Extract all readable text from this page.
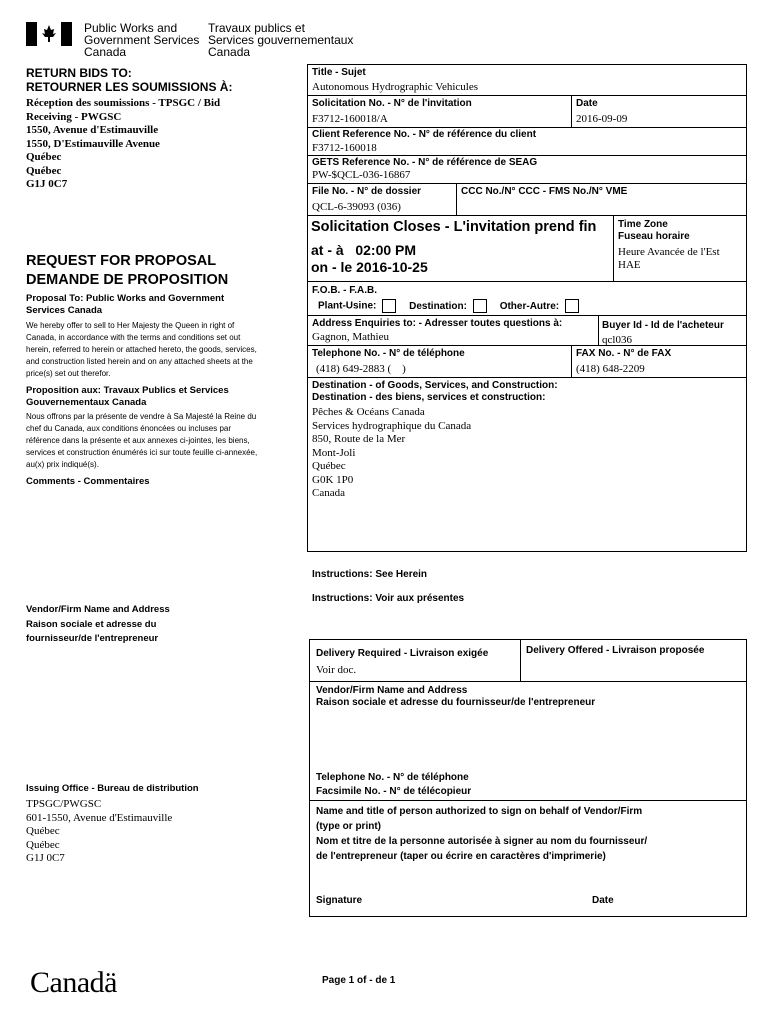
Public Works and
Government Services
Canada
Travaux publics et
Services gouvernementaux
Canada
RETURN BIDS TO:
RETOURNER LES SOUMISSIONS À:
Réception des soumissions - TPSGC / Bid
Receiving - PWGSC
1550, Avenue d'Estimauville
1550, D'Estimauville Avenue
Québec
Québec
G1J 0C7
REQUEST FOR PROPOSAL
DEMANDE DE PROPOSITION
Proposal To: Public Works and Government Services Canada
We hereby offer to sell to Her Majesty the Queen in right of Canada, in accordance with the terms and conditions set out herein, referred to herein or attached hereto, the goods, services, and construction listed herein and on any attached sheets at the price(s) set out therefor.
Proposition aux: Travaux Publics et Services Gouvernementaux Canada
Nous offrons par la présente de vendre à Sa Majesté la Reine du chef du Canada, aux conditions énoncées ou incluses par référence dans la présente et aux annexes ci-jointes, les biens, services et construction énumérés ici sur toute feuille ci-annexée, au(x) prix indiqué(s).
Comments - Commentaires
Vendor/Firm Name and Address
Raison sociale et adresse du
fournisseur/de l'entrepreneur
Issuing Office - Bureau de distribution
TPSGC/PWGSC
601-1550, Avenue d'Estimauville
Québec
Québec
G1J 0C7
Canadä	Page 1 of - de 1
Title - Sujet
Autonomous Hydrographic Vehicules
Solicitation No. - N° de l'invitation
F3712-160018/A
Date
2016-09-09
Client Reference No. - N° de référence du client
F3712-160018
GETS Reference No. - N° de référence de SEAG
PW-$QCL-036-16867
File No. - N° de dossier
QCL-6-39093 (036)
CCC No./N° CCC - FMS No./N° VME
Solicitation Closes - L'invitation prend fin
at - à 02:00 PM
on - le 2016-10-25
Time Zone
Fuseau horaire
Heure Avancée de l'Est
HAE
F.O.B. - F.A.B.
Plant-Usine:	Destination:	Other-Autre:
Address Enquiries to: - Adresser toutes questions à:
Gagnon, Mathieu
Buyer Id - Id de l'acheteur
qcl036
Telephone No. - N° de téléphone
(418) 649-2883 (    )
FAX No. - N° de FAX
(418) 648-2209
Destination - of Goods, Services, and Construction:
Destination - des biens, services et construction:
Pêches & Océans Canada
Services hydrographique du Canada
850, Route de la Mer
Mont-Joli
Québec
G0K 1P0
Canada
Instructions: See Herein
Instructions: Voir aux présentes
Delivery Required - Livraison exigée
Voir doc.
Delivery Offered - Livraison proposée
Vendor/Firm Name and Address
Raison sociale et adresse du fournisseur/de l'entrepreneur
Telephone No. - N° de téléphone
Facsimile No. - N° de télécopieur
Name and title of person authorized to sign on behalf of Vendor/Firm
(type or print)
Nom et titre de la personne autorisée à signer au nom du fournisseur/
de l'entrepreneur (taper ou écrire en caractères d'imprimerie)
Signature	Date
